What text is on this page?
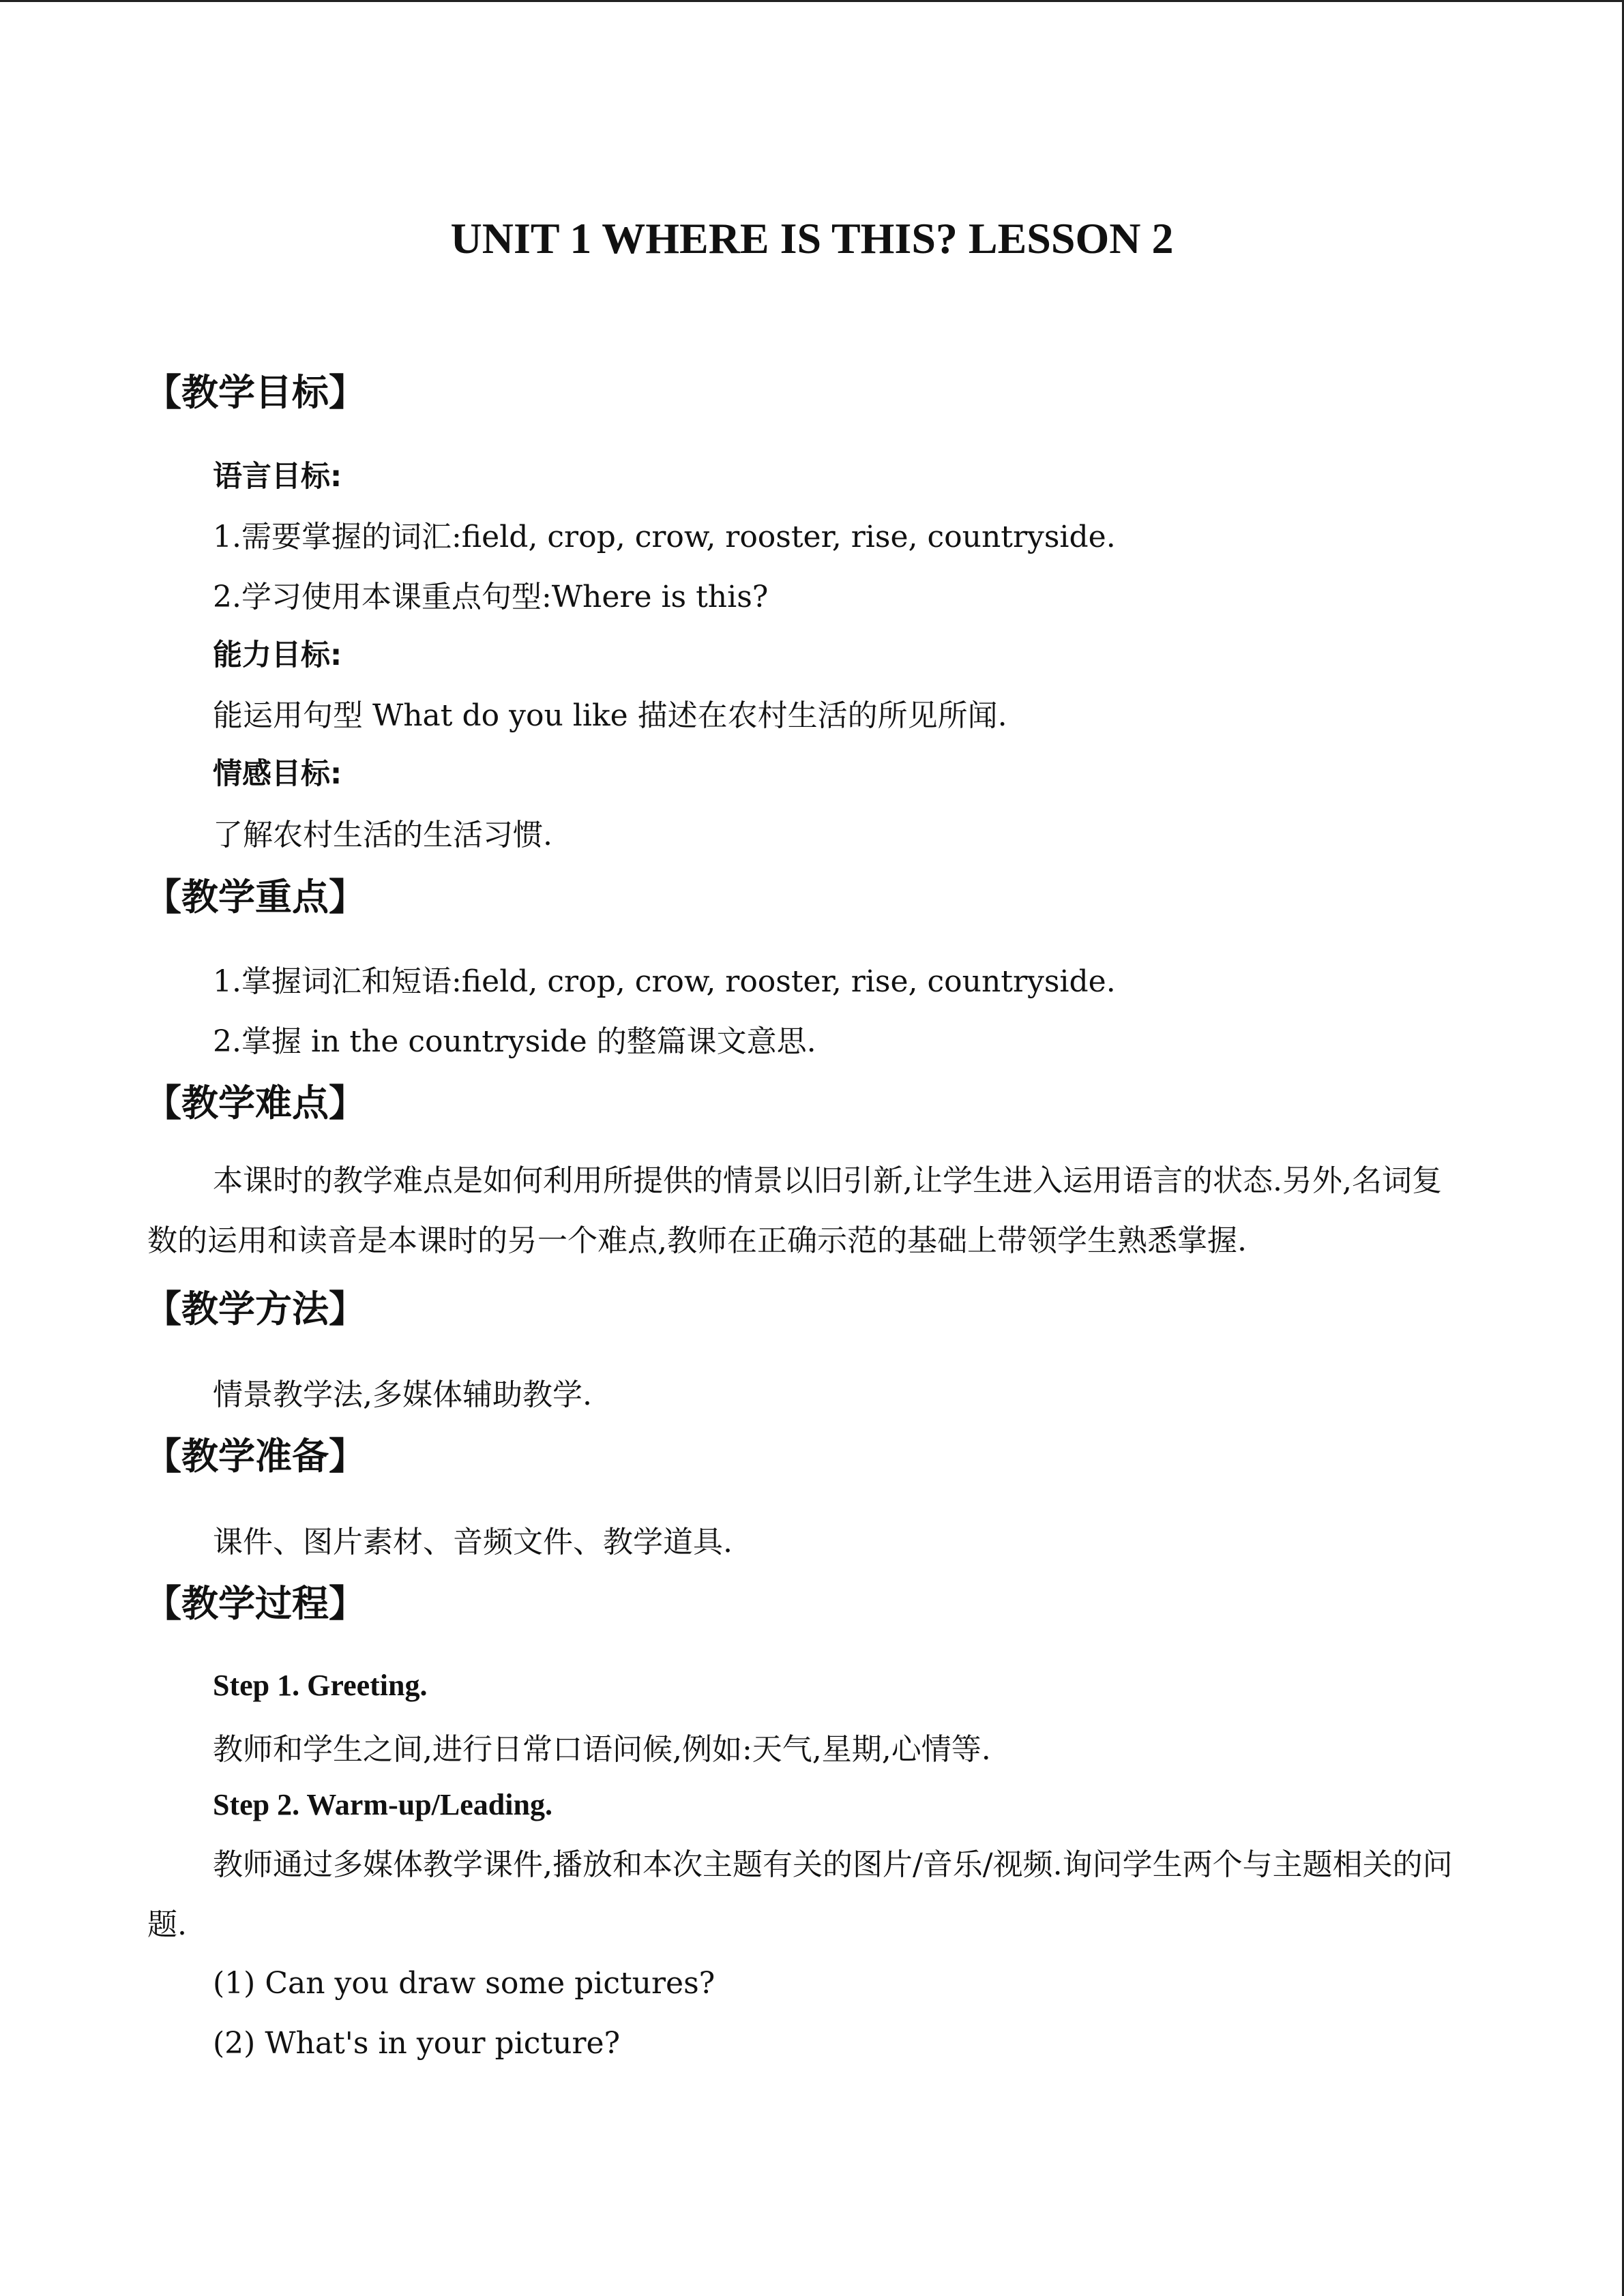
UNIT 1 WHERE IS THIS? LESSON 2
【教学目标】
语言目标:
1.需要掌握的词汇:field, crop, crow, rooster, rise, countryside.
2.学习使用本课重点句型:Where is this?
能力目标:
能运用句型 What do you like 描述在农村生活的所见所闻.
情感目标:
了解农村生活的生活习惯.
【教学重点】
1.掌握词汇和短语:field, crop, crow, rooster, rise, countryside.
2.掌握 in the countryside 的整篇课文意思.
【教学难点】
本课时的教学难点是如何利用所提供的情景以旧引新,让学生进入运用语言的状态.另外,名词复数的运用和读音是本课时的另一个难点,教师在正确示范的基础上带领学生熟悉掌握.
【教学方法】
情景教学法,多媒体辅助教学.
【教学准备】
课件、图片素材、音频文件、教学道具.
【教学过程】
Step 1. Greeting.
教师和学生之间,进行日常口语问候,例如:天气,星期,心情等.
Step 2. Warm-up/Leading.
教师通过多媒体教学课件,播放和本次主题有关的图片/音乐/视频.询问学生两个与主题相关的问题.
(1) Can you draw some pictures?
(2) What's in your picture?
